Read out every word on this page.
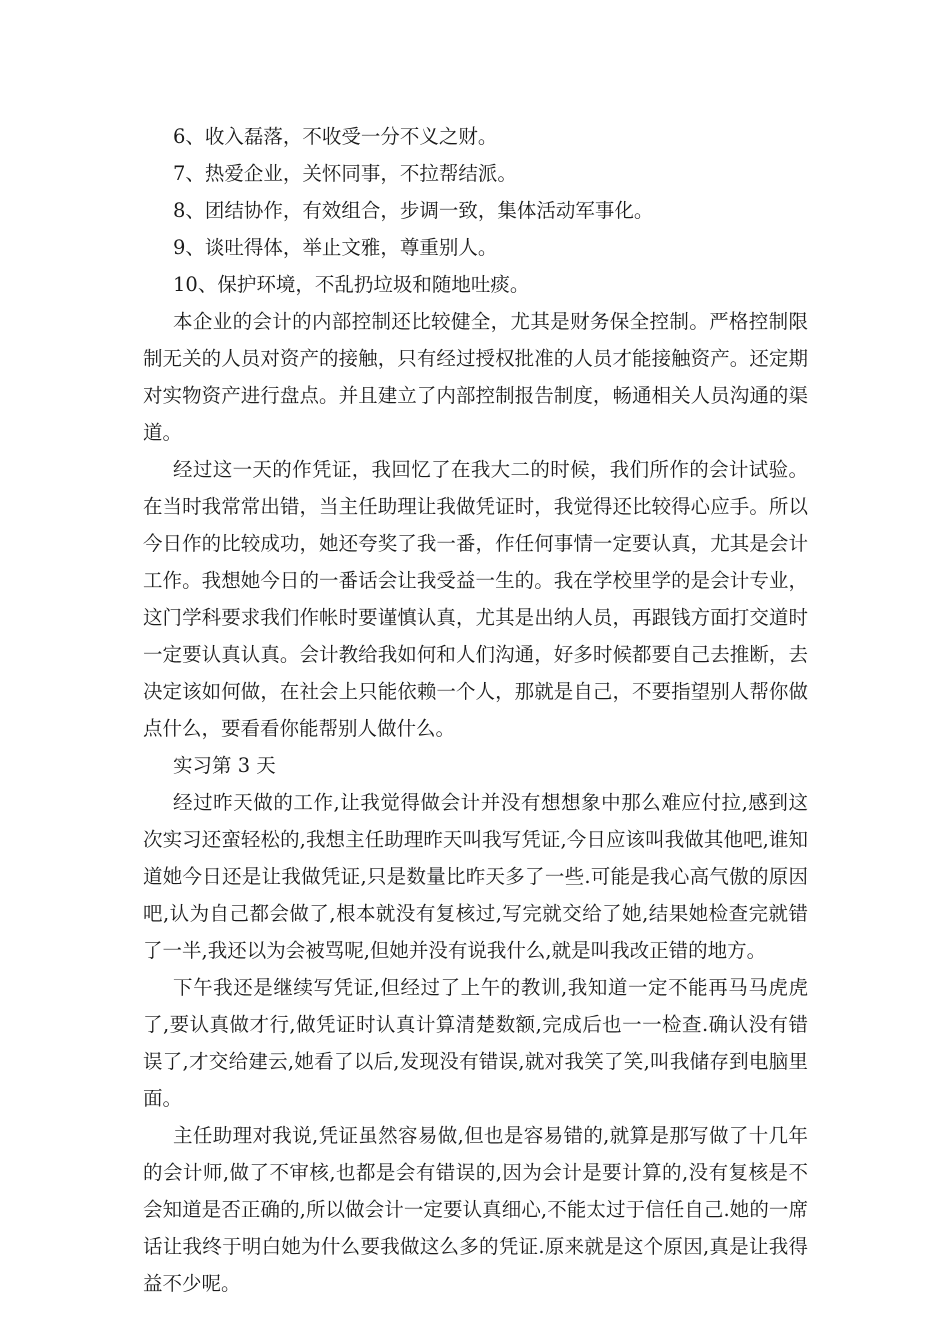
6、收入磊落，不收受一分不义之财。

7、热爱企业，关怀同事，不拉帮结派。

8、团结协作，有效组合，步调一致，集体活动军事化。

9、谈吐得体，举止文雅，尊重别人。

10、保护环境，不乱扔垃圾和随地吐痰。

本企业的会计的内部控制还比较健全，尤其是财务保全控制。严格控制限制无关的人员对资产的接触，只有经过授权批准的人员才能接触资产。还定期对实物资产进行盘点。并且建立了内部控制报告制度，畅通相关人员沟通的渠道。

经过这一天的作凭证，我回忆了在我大二的时候，我们所作的会计试验。在当时我常常出错，当主任助理让我做凭证时，我觉得还比较得心应手。所以今日作的比较成功，她还夸奖了我一番，作任何事情一定要认真，尤其是会计工作。我想她今日的一番话会让我受益一生的。我在学校里学的是会计专业，这门学科要求我们作帐时要谨慎认真，尤其是出纳人员，再跟钱方面打交道时一定要认真认真。会计教给我如何和人们沟通，好多时候都要自己去推断，去决定该如何做，在社会上只能依赖一个人，那就是自己，不要指望别人帮你做点什么，要看看你能帮别人做什么。

实习第 3 天

经过昨天做的工作,让我觉得做会计并没有想想象中那么难应付拉,感到这次实习还蛮轻松的,我想主任助理昨天叫我写凭证,今日应该叫我做其他吧,谁知道她今日还是让我做凭证,只是数量比昨天多了一些.可能是我心高气傲的原因吧,认为自己都会做了,根本就没有复核过,写完就交给了她,结果她检查完就错了一半,我还以为会被骂呢,但她并没有说我什么,就是叫我改正错的地方。

下午我还是继续写凭证,但经过了上午的教训,我知道一定不能再马马虎虎了,要认真做才行,做凭证时认真计算清楚数额,完成后也一一检查.确认没有错误了,才交给建云,她看了以后,发现没有错误,就对我笑了笑,叫我储存到电脑里面。

主任助理对我说,凭证虽然容易做,但也是容易错的,就算是那写做了十几年的会计师,做了不审核,也都是会有错误的,因为会计是要计算的,没有复核是不会知道是否正确的,所以做会计一定要认真细心,不能太过于信任自己.她的一席话让我终于明白她为什么要我做这么多的凭证.原来就是这个原因,真是让我得益不少呢。
